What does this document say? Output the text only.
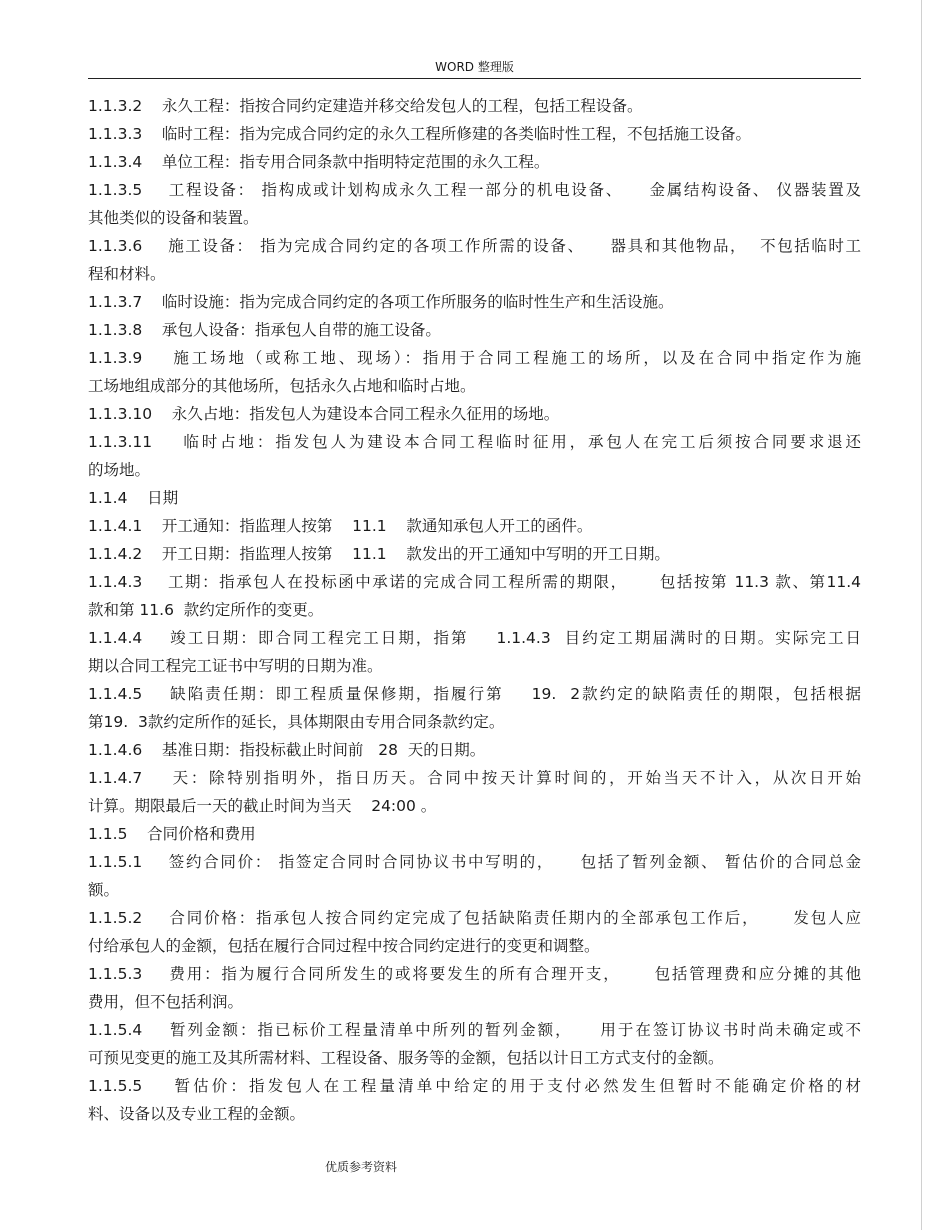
WORD 整理版
1.1.3.2    永久工程：指按合同约定建造并移交给发包人的工程，包括工程设备。
1.1.3.3    临时工程：指为完成合同约定的永久工程所修建的各类临时性工程，不包括施工设备。
1.1.3.4    单位工程：指专用合同条款中指明特定范围的永久工程。
1.1.3.5    工程设备： 指构成或计划构成永久工程一部分的机电设备、    金属结构设备、 仪器装置及
其他类似的设备和装置。
1.1.3.6    施工设备： 指为完成合同约定的各项工作所需的设备、    器具和其他物品，  不包括临时工
程和材料。
1.1.3.7    临时设施：指为完成合同约定的各项工作所服务的临时性生产和生活设施。
1.1.3.8    承包人设备：指承包人自带的施工设备。
1.1.3.9    施工场地（或称工地、现场）：指用于合同工程施工的场所，以及在合同中指定作为施
工场地组成部分的其他场所，包括永久占地和临时占地。
1.1.3.10    永久占地：指发包人为建设本合同工程永久征用的场地。
1.1.3.11    临时占地：指发包人为建设本合同工程临时征用，承包人在完工后须按合同要求退还
的场地。
1.1.4    日期
1.1.4.1    开工通知：指监理人按第    11.1    款通知承包人开工的函件。
1.1.4.2    开工日期：指监理人按第    11.1    款发出的开工通知中写明的开工日期。
1.1.4.3    工期：指承包人在投标函中承诺的完成合同工程所需的期限，     包括按第 11.3 款、第11.4
款和第 11.6  款约定所作的变更。
1.1.4.4    竣工日期：即合同工程完工日期，指第    1.1.4.3  目约定工期届满时的日期。实际完工日
期以合同工程完工证书中写明的日期为准。
1.1.4.5    缺陷责任期：即工程质量保修期，指履行第    19.  2款约定的缺陷责任的期限，包括根据
第19.  3款约定所作的延长，具体期限由专用合同条款约定。
1.1.4.6    基准日期：指投标截止时间前   28  天的日期。
1.1.4.7    天：除特别指明外，指日历天。合同中按天计算时间的，开始当天不计入，从次日开始
计算。期限最后一天的截止时间为当天    24:00 。
1.1.5    合同价格和费用
1.1.5.1    签约合同价： 指签定合同时合同协议书中写明的，    包括了暂列金额、 暂估价的合同总金
额。
1.1.5.2    合同价格：指承包人按合同约定完成了包括缺陷责任期内的全部承包工作后，     发包人应
付给承包人的金额，包括在履行合同过程中按合同约定进行的变更和调整。
1.1.5.3    费用：指为履行合同所发生的或将要发生的所有合理开支，     包括管理费和应分摊的其他
费用，但不包括利润。
1.1.5.4    暂列金额：指已标价工程量清单中所列的暂列金额，    用于在签订协议书时尚未确定或不
可预见变更的施工及其所需材料、工程设备、服务等的金额，包括以计日工方式支付的金额。
1.1.5.5    暂估价：指发包人在工程量清单中给定的用于支付必然发生但暂时不能确定价格的材
料、设备以及专业工程的金额。
优质参考资料
